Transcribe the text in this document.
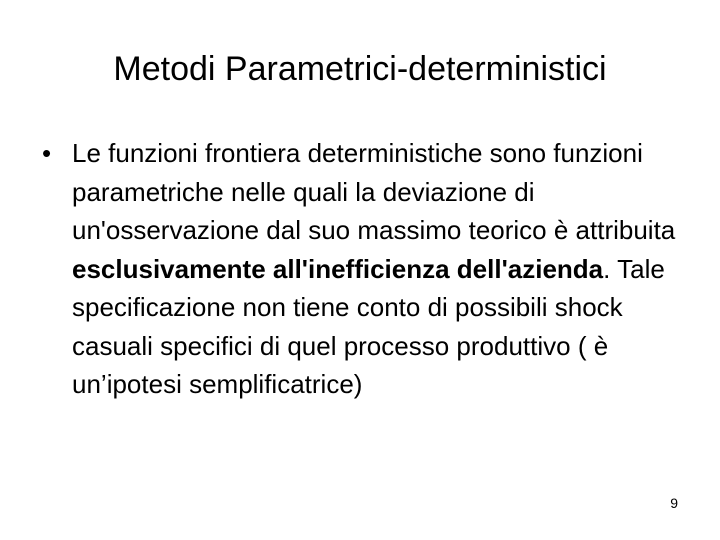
Metodi Parametrici-deterministici
• Le funzioni frontiera deterministiche sono funzioni parametriche nelle quali la deviazione di un'osservazione dal suo massimo teorico è attribuita esclusivamente all'inefficienza dell'azienda. Tale specificazione non tiene conto di possibili shock casuali specifici di quel processo produttivo ( è un’ipotesi semplificatrice)
9
